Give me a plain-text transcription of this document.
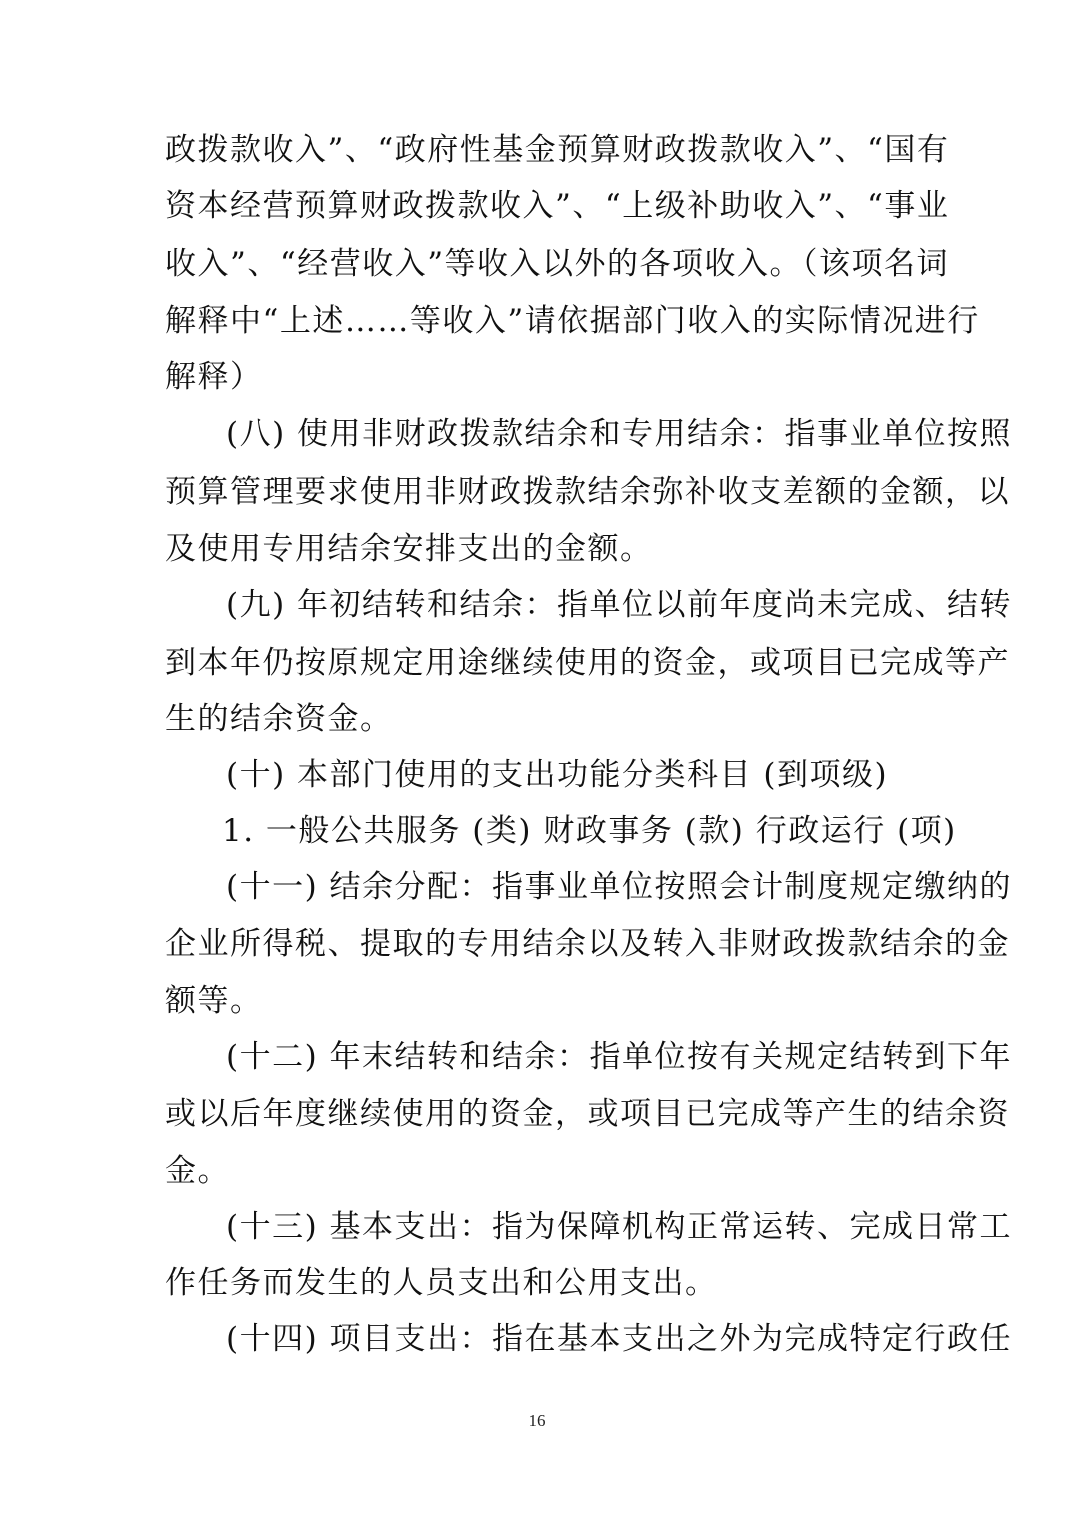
政拨款收入”、“政府性基金预算财政拨款收入”、“国有
资本经营预算财政拨款收入”、“上级补助收入”、“事业
收入”、“经营收入”等收入以外的各项收入。（该项名词
解释中“上述……等收入”请依据部门收入的实际情况进行
解释）
(八) 使用非财政拨款结余和专用结余：指事业单位按照
预算管理要求使用非财政拨款结余弥补收支差额的金额，以
及使用专用结余安排支出的金额。
(九) 年初结转和结余：指单位以前年度尚未完成、结转
到本年仍按原规定用途继续使用的资金，或项目已完成等产
生的结余资金。
(十) 本部门使用的支出功能分类科目 (到项级)
1. 一般公共服务 (类) 财政事务 (款) 行政运行 (项)
(十一) 结余分配：指事业单位按照会计制度规定缴纳的
企业所得税、提取的专用结余以及转入非财政拨款结余的金
额等。
(十二) 年末结转和结余：指单位按有关规定结转到下年
或以后年度继续使用的资金，或项目已完成等产生的结余资
金。
(十三) 基本支出：指为保障机构正常运转、完成日常工
作任务而发生的人员支出和公用支出。
(十四) 项目支出：指在基本支出之外为完成特定行政任
16
